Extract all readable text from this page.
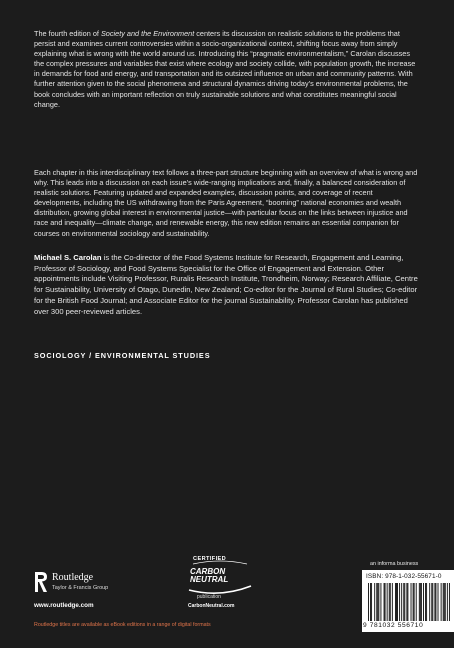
The fourth edition of Society and the Environment centers its discussion on realistic solutions to the problems that persist and examines current controversies within a socio-organizational context, shifting focus away from simply explaining what is wrong with the world around us. Introducing this “pragmatic environmentalism,” Carolan discusses the complex pressures and variables that exist where ecology and society collide, with population growth, the increase in demands for food and energy, and transportation and its outsized influence on urban and community patterns. With further attention given to the social phenomena and structural dynamics driving today’s environmental problems, the book concludes with an important reflection on truly sustainable solutions and what constitutes meaningful social change.

Each chapter in this interdisciplinary text follows a three-part structure beginning with an overview of what is wrong and why. This leads into a discussion on each issue’s wide-ranging implications and, finally, a balanced consideration of realistic solutions. Featuring updated and expanded examples, discussion points, and coverage of recent developments, including the US withdrawing from the Paris Agreement, “booming” national economies and wealth distribution, growing global interest in environmental justice—with particular focus on the links between injustice and race and inequality—climate change, and renewable energy, this new edition remains an essential companion for courses on environmental sociology and sustainability.

Michael S. Carolan is the Co-director of the Food Systems Institute for Research, Engagement and Learning, Professor of Sociology, and Food Systems Specialist for the Office of Engagement and Extension. Other appointments include Visiting Professor, Ruralis Research Institute, Trondheim, Norway; Research Affiliate, Centre for Sustainability, University of Otago, Dunedin, New Zealand; Co-editor for the Journal of Rural Studies; Co-editor for the British Food Journal; and Associate Editor for the journal Sustainability. Professor Carolan has published over 300 peer-reviewed articles.

SOCIOLOGY / ENVIRONMENTAL STUDIES
Routledge
Taylor & Francis Group
www.routledge.com
Routledge titles are available as eBook editions in a range of digital formats
CERTIFIED
CARBON
NEUTRAL
publication
CarbonNeutral.com
an informa business
ISBN: 978-1-032-55671-0
9 781032 556710
